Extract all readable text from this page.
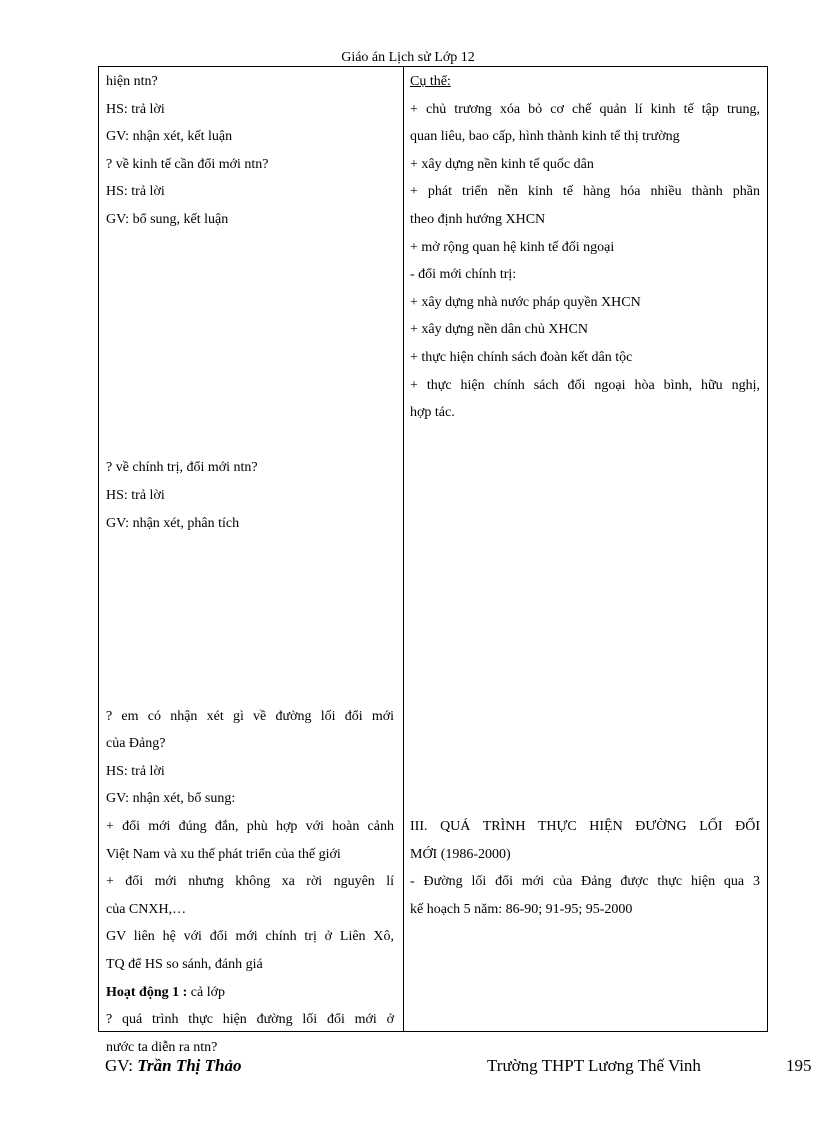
Giáo án Lịch sử Lớp 12
hiện ntn?
HS: trả lời
GV: nhận xét, kết luận
? về kinh tế cần đổi mới ntn?
HS: trả lời
GV: bổ sung, kết luận
? về chính trị, đổi mới ntn?
HS: trả lời
GV: nhận xét, phân tích
? em có nhận xét gì về đường lối đổi mới
của Đảng?
HS: trả lời
GV: nhận xét, bổ sung:
+ đổi mới đúng đắn, phù hợp với hoàn cảnh
Việt Nam và xu thế phát triển của thế giới
+ đổi mới nhưng không xa rời nguyên lí
của CNXH,…
GV liên hệ với đổi mới chính trị ở Liên Xô,
TQ để HS so sánh, đánh giá
Hoạt động 1 : cả lớp
? quá trình thực hiện đường lối đổi mới ở
nước ta diễn ra ntn?
Cụ thể:
+ chủ trương xóa bỏ cơ chế quản lí kinh tế tập trung,
quan liêu, bao cấp, hình thành kinh tế thị trường
+ xây dựng nền kinh tế quốc dân
+ phát triển nền kinh tế hàng hóa nhiều thành phần
theo định hướng XHCN
+ mở rộng quan hệ kinh tế đối ngoại
- đổi mới chính trị:
+ xây dựng nhà nước pháp quyền XHCN
+ xây dựng nền dân chủ XHCN
+ thực hiện chính sách đoàn kết dân tộc
+ thực hiện chính sách đối ngoại hòa bình, hữu nghị,
hợp tác.
III. QUÁ TRÌNH THỰC HIỆN ĐƯỜNG LỐI ĐỔI
MỚI (1986-2000)
- Đường lối đổi mới của Đảng được thực hiện qua 3
kế hoạch 5 năm: 86-90; 91-95; 95-2000
GV: Trần Thị Thảo	Trường THPT Lương Thế Vinh	195
